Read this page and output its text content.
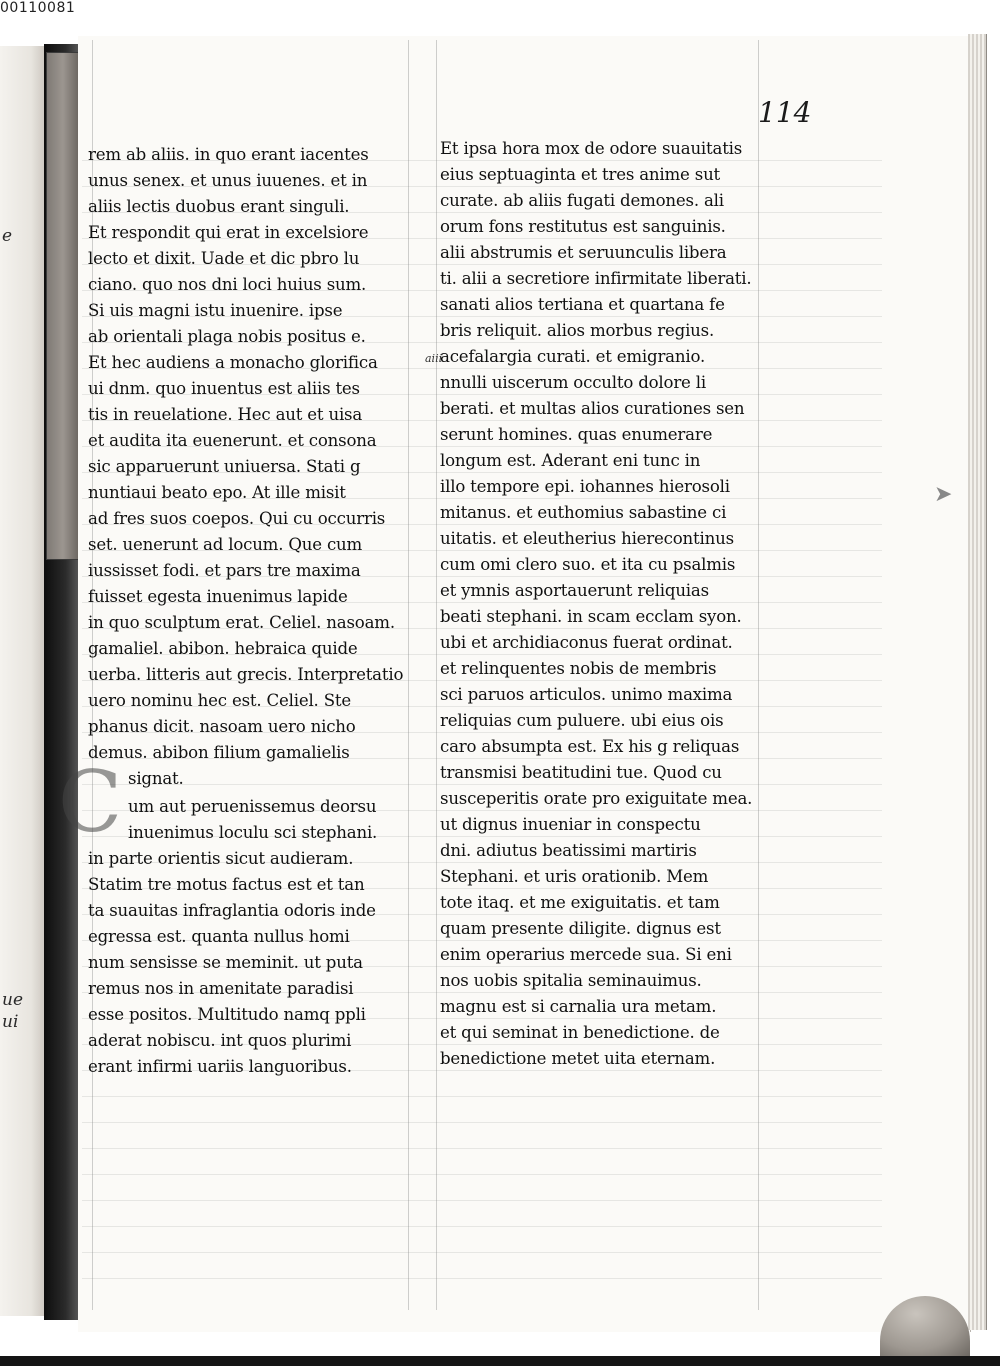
00110081
e
ue
ui
114
aiii
C
➤
rem ab aliis. in quo erant iacentes
unus senex. et unus iuuenes. et in
aliis lectis duobus erant singuli.
Et respondit qui erat in excelsiore
lecto et dixit. Uade et dic pbro lu
ciano. quo nos dni loci huius sum.
Si uis magni istu inuenire. ipse
ab orientali plaga nobis positus e.
Et hec audiens a monacho glorifica
ui dnm. quo inuentus est aliis tes
tis in reuelatione. Hec aut et uisa
et audita ita euenerunt. et consona
sic apparuerunt uniuersa. Stati g
nuntiaui beato epo. At ille misit
ad fres suos coepos. Qui cu occurris
set. uenerunt ad locum. Que cum
iussisset fodi. et pars tre maxima
fuisset egesta inuenimus lapide
in quo sculptum erat. Celiel. nasoam.
gamaliel. abibon. hebraica quide
uerba. litteris aut grecis. Interpretatio
uero nominu hec est. Celiel. Ste
phanus dicit. nasoam uero nicho
demus. abibon filium gamalielis
signat.
um aut peruenissemus deorsu
inuenimus loculu sci stephani.
in parte orientis sicut audieram.
Statim tre motus factus est et tan
ta suauitas infraglantia odoris inde
egressa est. quanta nullus homi
num sensisse se meminit. ut puta
remus nos in amenitate paradisi
esse positos. Multitudo namq ppli
aderat nobiscu. int quos plurimi
erant infirmi uariis languoribus.
Et ipsa hora mox de odore suauitatis
eius septuaginta et tres anime sut
curate. ab aliis fugati demones. ali
orum fons restitutus est sanguinis.
alii abstrumis et seruunculis libera
ti. alii a secretiore infirmitate liberati.
sanati alios tertiana et quartana fe
bris reliquit. alios morbus regius.
acefalargia curati. et emigranio.
nnulli uiscerum occulto dolore li
berati. et multas alios curationes sen
serunt homines. quas enumerare
longum est. Aderant eni tunc in
illo tempore epi. iohannes hierosoli
mitanus. et euthomius sabastine ci
uitatis. et eleutherius hierecontinus
cum omi clero suo. et ita cu psalmis
et ymnis asportauerunt reliquias
beati stephani. in scam ecclam syon.
ubi et archidiaconus fuerat ordinat.
et relinquentes nobis de membris
sci paruos articulos. unimo maxima
reliquias cum puluere. ubi eius ois
caro absumpta est. Ex his g reliquas
transmisi beatitudini tue. Quod cu
susceperitis orate pro exiguitate mea.
ut dignus inueniar in conspectu
dni. adiutus beatissimi martiris
Stephani. et uris orationib. Mem
tote itaq. et me exiguitatis. et tam
quam presente diligite. dignus est
enim operarius mercede sua. Si eni
nos uobis spitalia seminauimus.
magnu est si carnalia ura metam.
et qui seminat in benedictione. de
benedictione metet uita eternam.
